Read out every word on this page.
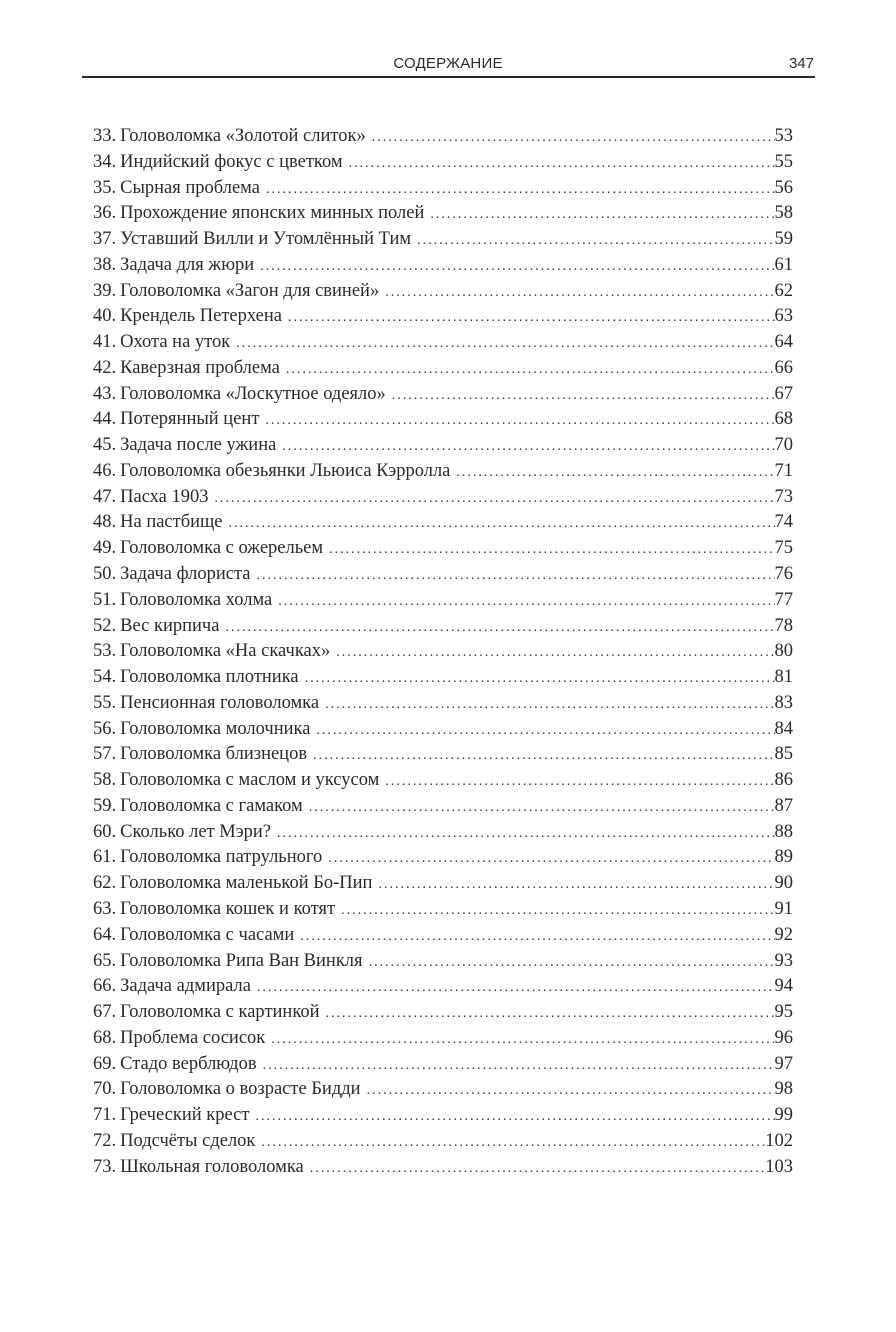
СОДЕРЖАНИЕ	347
33. Головоломка «Золотой слиток» . . .	53
34. Индийский фокус с цветком . . .	55
35. Сырная проблема . . .	56
36. Прохождение японских минных полей . . .	58
37. Уставший Вилли и Утомлённый Тим . . .	59
38. Задача для жюри . . .	61
39. Головоломка «Загон для свиней» . . .	62
40. Крендель Петерхена . . .	63
41. Охота на уток . . .	64
42. Каверзная проблема . . .	66
43. Головоломка «Лоскутное одеяло» . . .	67
44. Потерянный цент . . .	68
45. Задача после ужина . . .	70
46. Головоломка обезьянки Льюиса Кэрролла . . .	71
47. Пасха 1903 . . .	73
48. На пастбище . . .	74
49. Головоломка с ожерельем . . .	75
50. Задача флориста . . .	76
51. Головоломка холма . . .	77
52. Вес кирпича . . .	78
53. Головоломка «На скачках» . . .	80
54. Головоломка плотника . . .	81
55. Пенсионная головоломка . . .	83
56. Головоломка молочника . . .	84
57. Головоломка близнецов . . .	85
58. Головоломка с маслом и уксусом . . .	86
59. Головоломка с гамаком . . .	87
60. Сколько лет Мэри? . . .	88
61. Головоломка патрульного . . .	89
62. Головоломка маленькой Бо-Пип . . .	90
63. Головоломка кошек и котят . . .	91
64. Головоломка с часами . . .	92
65. Головоломка Рипа Ван Винкля . . .	93
66. Задача адмирала . . .	94
67. Головоломка с картинкой . . .	95
68. Проблема сосисок . . .	96
69. Стадо верблюдов . . .	97
70. Головоломка о возрасте Бидди . . .	98
71. Греческий крест . . .	99
72. Подсчёты сделок . . .	102
73. Школьная головоломка . . .	103
